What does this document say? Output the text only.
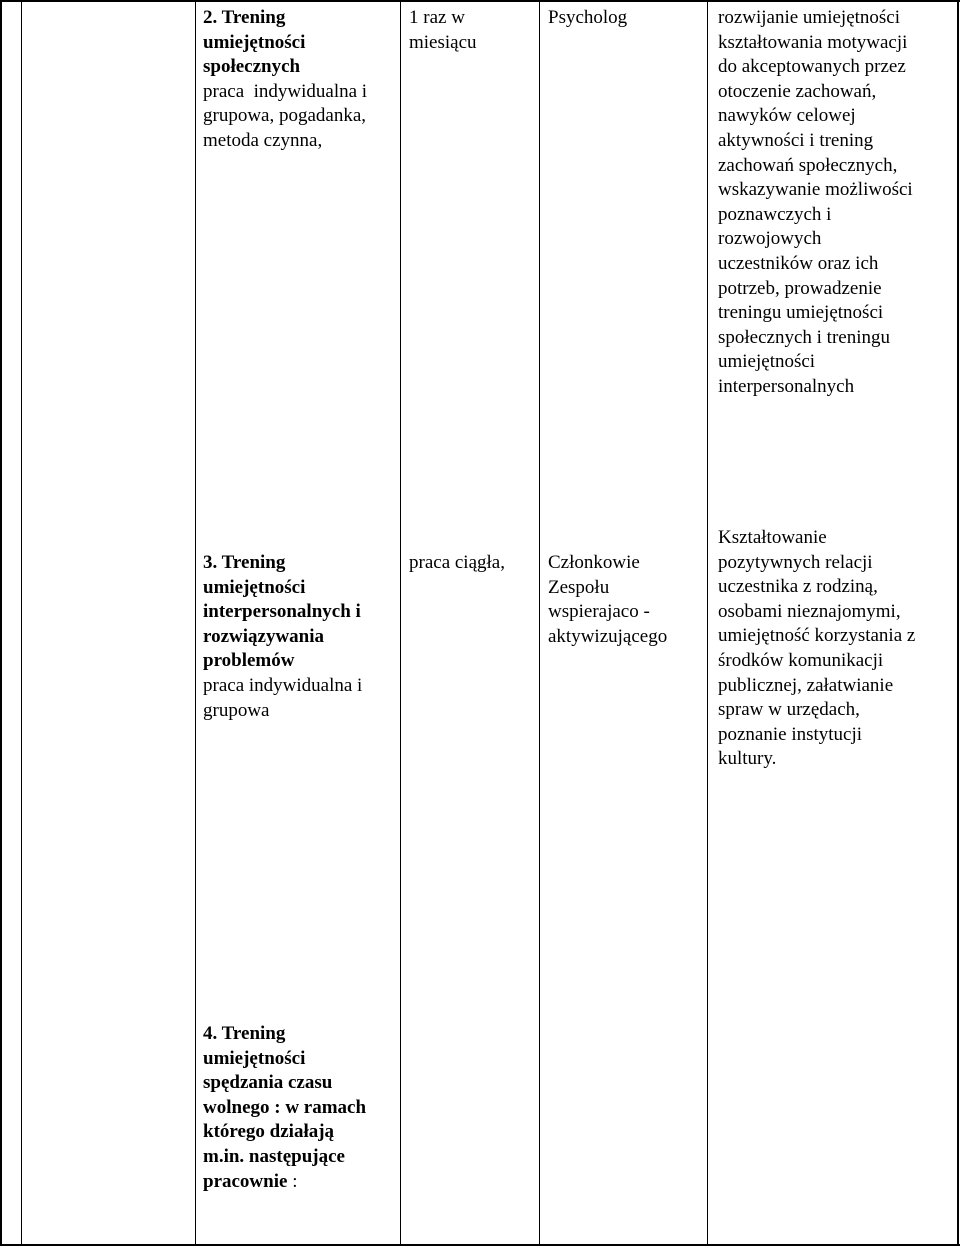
2. Trening
umiejętności
społecznych
praca  indywidualna i
grupowa, pogadanka,
metoda czynna,
1 raz w
miesiącu
Psycholog	rozwijanie umiejętności
kształtowania motywacji
do akceptowanych przez
otoczenie zachowań,
nawyków celowej
aktywności i trening
zachowań społecznych,
wskazywanie możliwości
poznawczych i
rozwojowych
uczestników oraz ich
potrzeb, prowadzenie
treningu umiejętności
społecznych i treningu
umiejętności
interpersonalnych
3. Trening
umiejętności
interpersonalnych i
rozwiązywania
problemów
praca indywidualna i
grupowa
praca ciągła, Członkowie
Zespołu
wspierajaco -
aktywizującego
Kształtowanie
pozytywnych relacji
uczestnika z rodziną,
osobami nieznajomymi,
umiejętność korzystania z
środków komunikacji
publicznej, załatwianie
spraw w urzędach,
poznanie instytucji
kultury.
4. Trening
umiejętności
spędzania czasu
wolnego : w ramach
którego działają
m.in. następujące
pracownie :
